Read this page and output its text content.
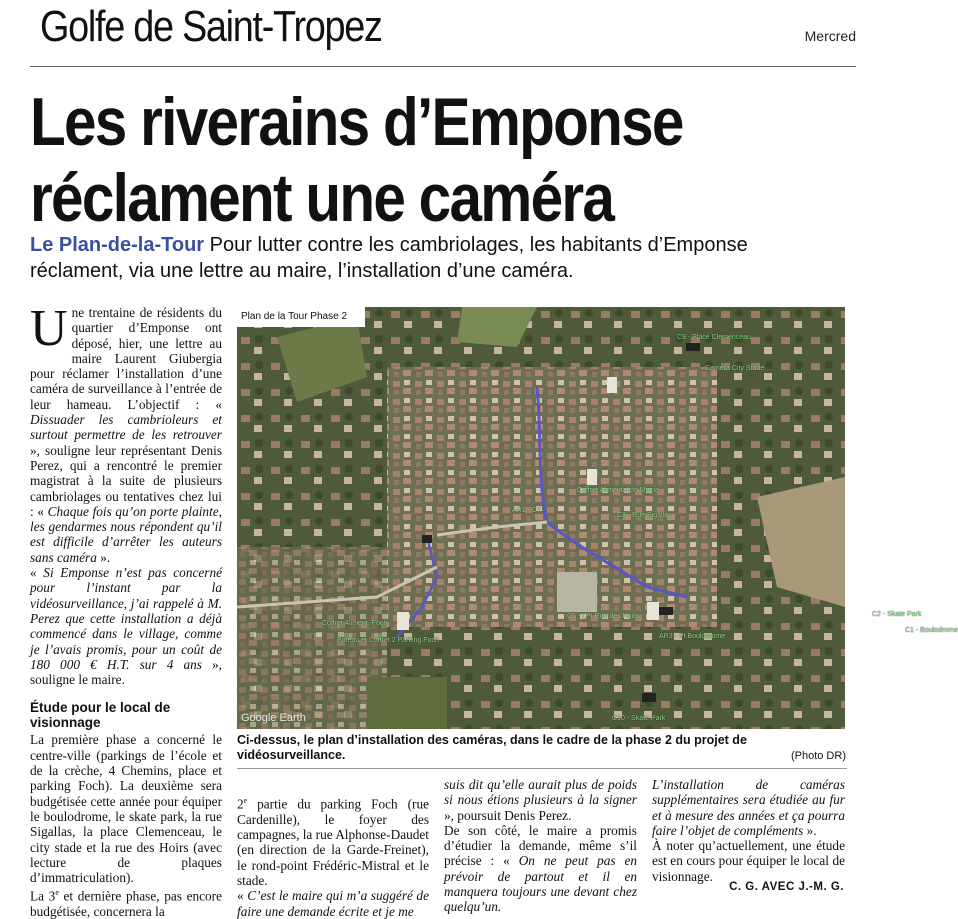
Golfe de Saint-Tropez	Mercred
Les riverains d’Emponse
réclament une caméra
Le Plan-de-la-Tour Pour lutter contre les cambriolages, les habitants d’Emponse réclament, via une lettre au maire, l’installation d’une caméra.

Une trentaine de résidents du quartier d’Emponse ont déposé, hier, une lettre au maire Laurent Giubergia pour réclamer l’installation d’une caméra de surveillance à l’entrée de leur hameau. L’objectif : « Dissuader les cambrioleurs et surtout permettre de les retrouver », souligne leur représentant Denis Perez, qui a rencontré le premier magistrat à la suite de plusieurs cambriolages ou tentatives chez lui : « Chaque fois qu’on porte plainte, les gendarmes nous répondent qu’il est difficile d’arrêter les auteurs sans caméra ».

« Si Emponse n’est pas concerné pour l’instant par la vidéosurveillance, j’ai rappelé à M. Perez que cette installation a déjà commencé dans le village, comme je l’avais promis, pour un coût de 180 000 € H.T. sur 4 ans », souligne le maire.

Étude pour le local de visionnage

La première phase a concerné le centre-ville (parkings de l’école et de la crèche, 4 Chemins, place et parking Foch). La deuxième sera budgétisée cette année pour équiper le boulodrome, le skate park, la rue Sigallas, la place Clemenceau, le city stade et la rue des Hoirs (avec lecture de plaques d’immatriculation).

La 3e et dernière phase, pas encore budgétisée, concernera la

Plan de la Tour Phase 2
Google Earth
C1 - Boulodrome
C3 - Rue Sigallas
C2 - Skate Park
Coffret Aliment. Foch
Poteau et Coffret 2 Parking Foch
AR3 - Pt Boulodrome
C5 - LPI Rue des Hoirs
C10 - Skate Park
Coffret Alimentation Mairie
AR1 - C7
C9 - Place Clemenceau
Caméra City Stade
Ci-dessus, le plan d’installation des caméras, dans le cadre de la phase 2 du projet de vidéosurveillance.	(Photo DR)

2e partie du parking Foch (rue Cardenille), le foyer des campagnes, la rue Alphonse-Daudet (en direction de la Garde-Freinet), le rond-point Frédéric-Mistral et le stade.

« C’est le maire qui m’a suggéré de faire une demande écrite et je me

suis dit qu’elle aurait plus de poids si nous étions plusieurs à la signer », poursuit Denis Perez.

De son côté, le maire a promis d’étudier la demande, même s’il précise : « On ne peut pas en prévoir de partout et il en manquera toujours une devant chez quelqu’un.

L’installation de caméras supplémentaires sera étudiée au fur et à mesure des années et ça pourra faire l’objet de compléments ».

À noter qu’actuellement, une étude est en cours pour équiper le local de visionnage.

C. G. AVEC J.-M. G.
